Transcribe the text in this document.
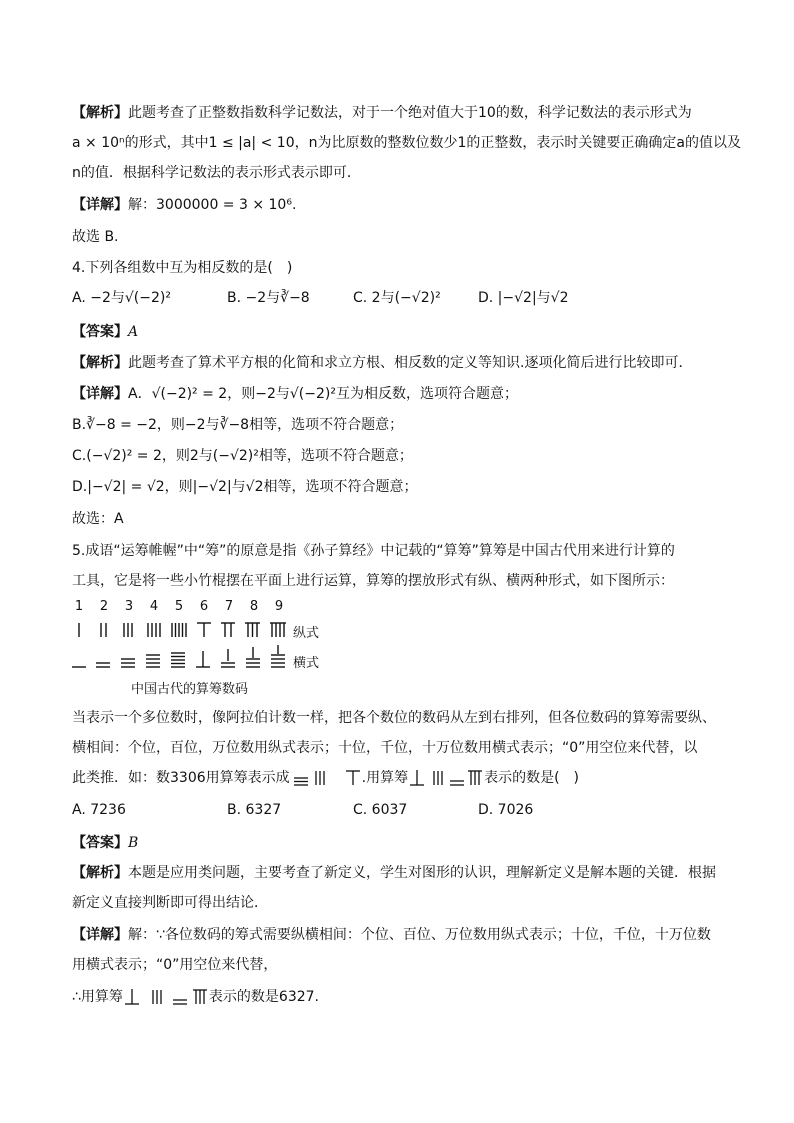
【解析】此题考查了正整数指数科学记数法，对于一个绝对值大于10的数，科学记数法的表示形式为
a × 10ⁿ的形式，其中1 ≤ |a| < 10，n为比原数的整数位数少1的正整数，表示时关键要正确确定a的值以及
n的值．根据科学记数法的表示形式表示即可．
【详解】解：3000000 = 3 × 10⁶.
故选 B.
4.下列各组数中互为相反数的是(　)
A. −2与√(−2)²	B. −2与∛−8	C. 2与(−√2)²	D. |−√2|与√2
【答案】A
【解析】此题考查了算术平方根的化简和求立方根、相反数的定义等知识.逐项化简后进行比较即可．
【详解】A．√(−2)² = 2，则−2与√(−2)²互为相反数，选项符合题意；
B.∛−8 = −2，则−2与∛−8相等，选项不符合题意；
C.(−√2)² = 2，则2与(−√2)²相等，选项不符合题意；
D.|−√2| = √2，则|−√2|与√2相等，选项不符合题意；
故选：A
5.成语“运筹帷幄”中“筹”的原意是指《孙子算经》中记载的“算筹”算筹是中国古代用来进行计算的
工具，它是将一些小竹棍摆在平面上进行运算，算筹的摆放形式有纵、横两种形式，如下图所示：
1 2 3 4 5 6 7 8 9
纵式
横式
中国古代的算筹数码
当表示一个多位数时，像阿拉伯计数一样，把各个数位的数码从左到右排列，但各位数码的算筹需要纵、
横相间：个位，百位，万位数用纵式表示；十位，千位，十万位数用横式表示；“0”用空位来代替，以
此类推．如：数3306用算筹表示成	.用算筹	表示的数是(　)
A. 7236	B. 6327	C. 6037	D. 7026
【答案】B
【解析】本题是应用类问题，主要考查了新定义，学生对图形的认识，理解新定义是解本题的关键．根据
新定义直接判断即可得出结论．
【详解】解：∵各位数码的筹式需要纵横相间：个位、百位、万位数用纵式表示；十位，千位，十万位数
用横式表示；“0”用空位来代替，
∴用算筹	表示的数是6327.
